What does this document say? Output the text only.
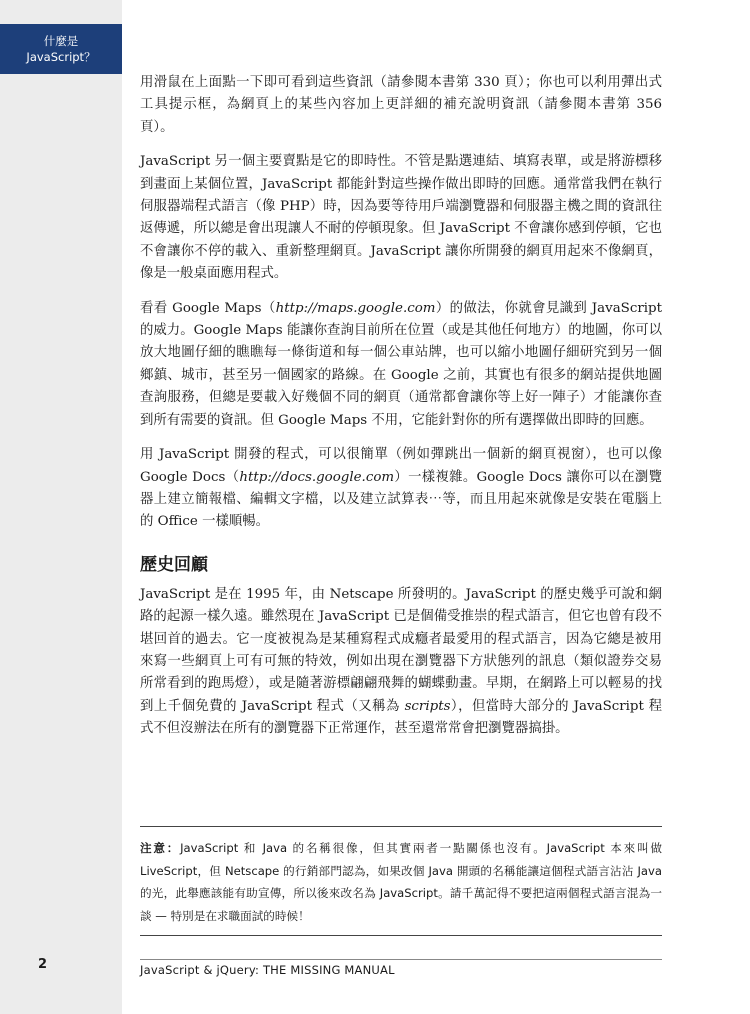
什麼是
JavaScript？

用滑鼠在上面點一下即可看到這些資訊（請參閱本書第 330 頁）；你也可以利用彈出式工具提示框，為網頁上的某些內容加上更詳細的補充說明資訊（請參閱本書第 356 頁）。

JavaScript 另一個主要賣點是它的即時性。不管是點選連結、填寫表單，或是將游標移到畫面上某個位置，JavaScript 都能針對這些操作做出即時的回應。通常當我們在執行伺服器端程式語言（像 PHP）時，因為要等待用戶端瀏覽器和伺服器主機之間的資訊往返傳遞，所以總是會出現讓人不耐的停頓現象。但 JavaScript 不會讓你感到停頓，它也不會讓你不停的載入、重新整理網頁。JavaScript 讓你所開發的網頁用起來不像網頁，像是一般桌面應用程式。

看看 Google Maps（http://maps.google.com）的做法，你就會見識到 JavaScript 的威力。Google Maps 能讓你查詢目前所在位置（或是其他任何地方）的地圖，你可以放大地圖仔細的瞧瞧每一條街道和每一個公車站牌，也可以縮小地圖仔細研究到另一個鄉鎮、城市，甚至另一個國家的路線。在 Google 之前，其實也有很多的網站提供地圖查詢服務，但總是要載入好幾個不同的網頁（通常都會讓你等上好一陣子）才能讓你查到所有需要的資訊。但 Google Maps 不用，它能針對你的所有選擇做出即時的回應。

用 JavaScript 開發的程式，可以很簡單（例如彈跳出一個新的網頁視窗），也可以像 Google Docs（http://docs.google.com）一樣複雜。Google Docs 讓你可以在瀏覽器上建立簡報檔、編輯文字檔，以及建立試算表⋯等，而且用起來就像是安裝在電腦上的 Office 一樣順暢。

歷史回顧

JavaScript 是在 1995 年，由 Netscape 所發明的。JavaScript 的歷史幾乎可說和網路的起源一樣久遠。雖然現在 JavaScript 已是個備受推崇的程式語言，但它也曾有段不堪回首的過去。它一度被視為是某種寫程式成癮者最愛用的程式語言，因為它總是被用來寫一些網頁上可有可無的特效，例如出現在瀏覽器下方狀態列的訊息（類似證券交易所常看到的跑馬燈），或是隨著游標翩翩飛舞的蝴蝶動畫。早期，在網路上可以輕易的找到上千個免費的 JavaScript 程式（又稱為 scripts），但當時大部分的 JavaScript 程式不但沒辦法在所有的瀏覽器下正常運作，甚至還常常會把瀏覽器搞掛。

注意：JavaScript 和 Java 的名稱很像，但其實兩者一點關係也沒有。JavaScript 本來叫做 LiveScript，但 Netscape 的行銷部門認為，如果改個 Java 開頭的名稱能讓這個程式語言沾沾 Java 的光，此舉應該能有助宣傳，所以後來改名為 JavaScript。請千萬記得不要把這兩個程式語言混為一談 — 特別是在求職面試的時候！
2	JavaScript & jQuery: THE MISSING MANUAL
